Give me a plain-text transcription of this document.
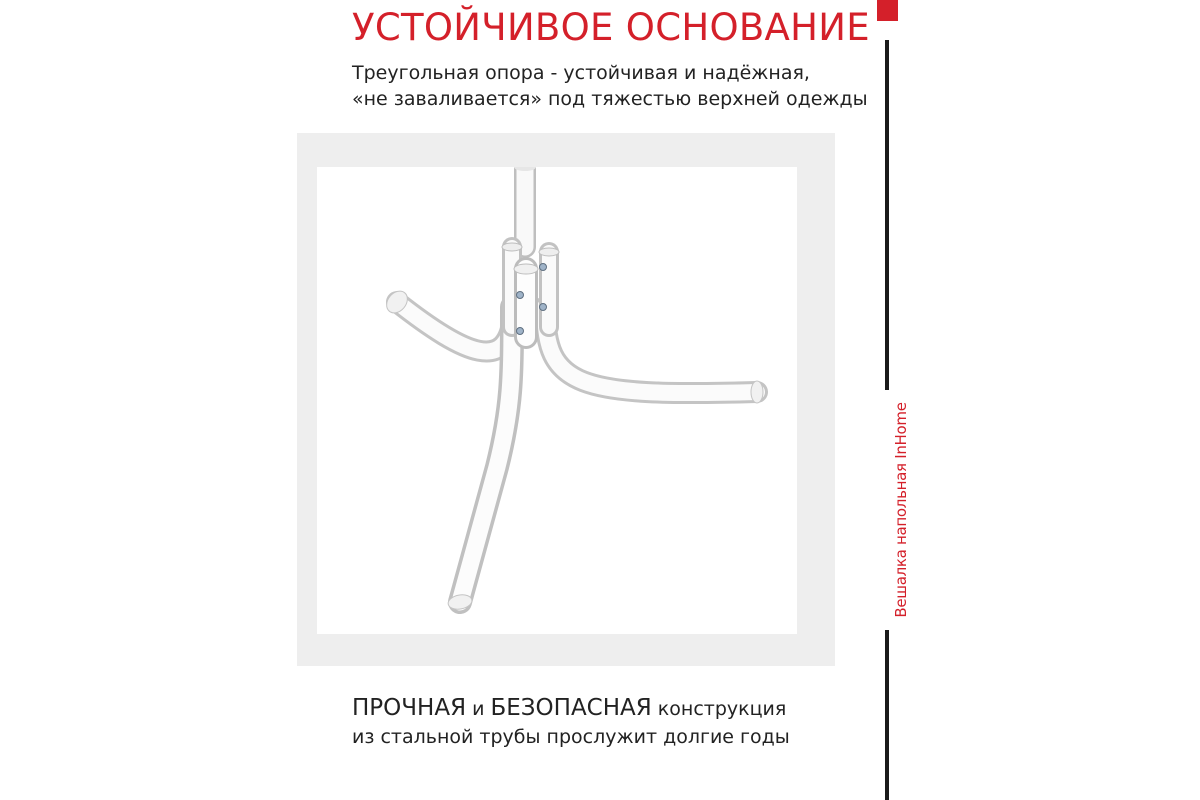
УСТОЙЧИВОЕ ОСНОВАНИЕ
Треугольная опора - устойчивая и надёжная,
«не заваливается» под тяжестью верхней одежды
ПРОЧНАЯ и БЕЗОПАСНАЯ конструкция
из стальной трубы прослужит долгие годы
Вешалка напольная InHome
